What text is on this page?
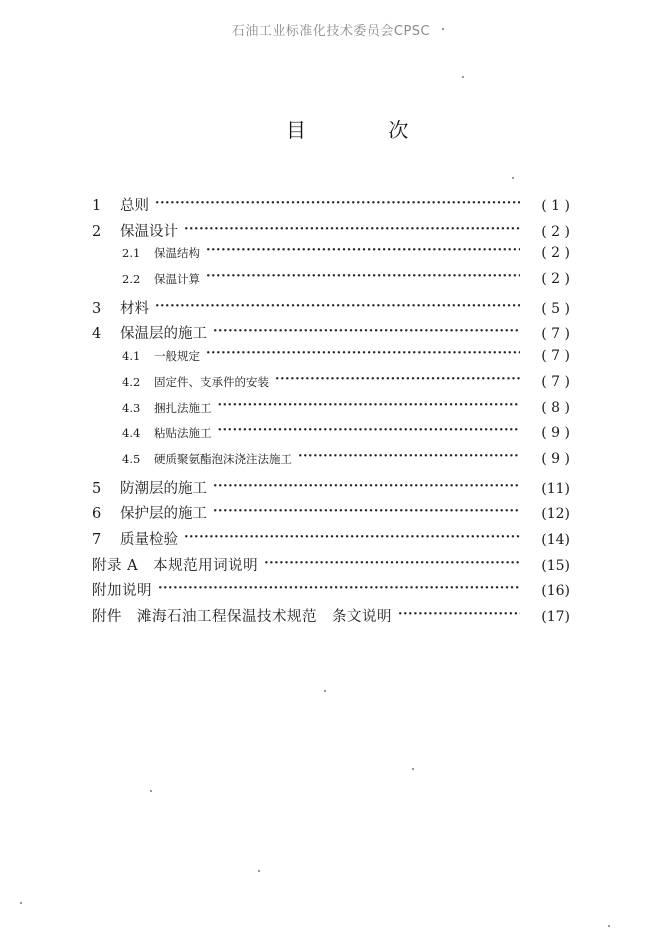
石油工业标准化技术委员会CPSC
目 次
1	总则 ·····	( 1 )
2	保温设计 ·····	( 2 )
2.1	保温结构 ·····	( 2 )
2.2	保温计算 ·····	( 2 )
3	材料 ·····	( 5 )
4	保温层的施工 ·····	( 7 )
4.1	一般规定 ·····	( 7 )
4.2	固定件、支承件的安装 ·····	( 7 )
4.3	捆扎法施工 ·····	( 8 )
4.4	粘贴法施工 ·····	( 9 )
4.5	硬质聚氨酯泡沫浇注法施工 ·····	( 9 )
5	防潮层的施工 ·····	(11)
6	保护层的施工 ·····	(12)
7	质量检验 ·····	(14)
附录 A　本规范用词说明 ·····	(15)
附加说明 ·····	(16)
附件　滩海石油工程保温技术规范　条文说明 ·····	(17)
